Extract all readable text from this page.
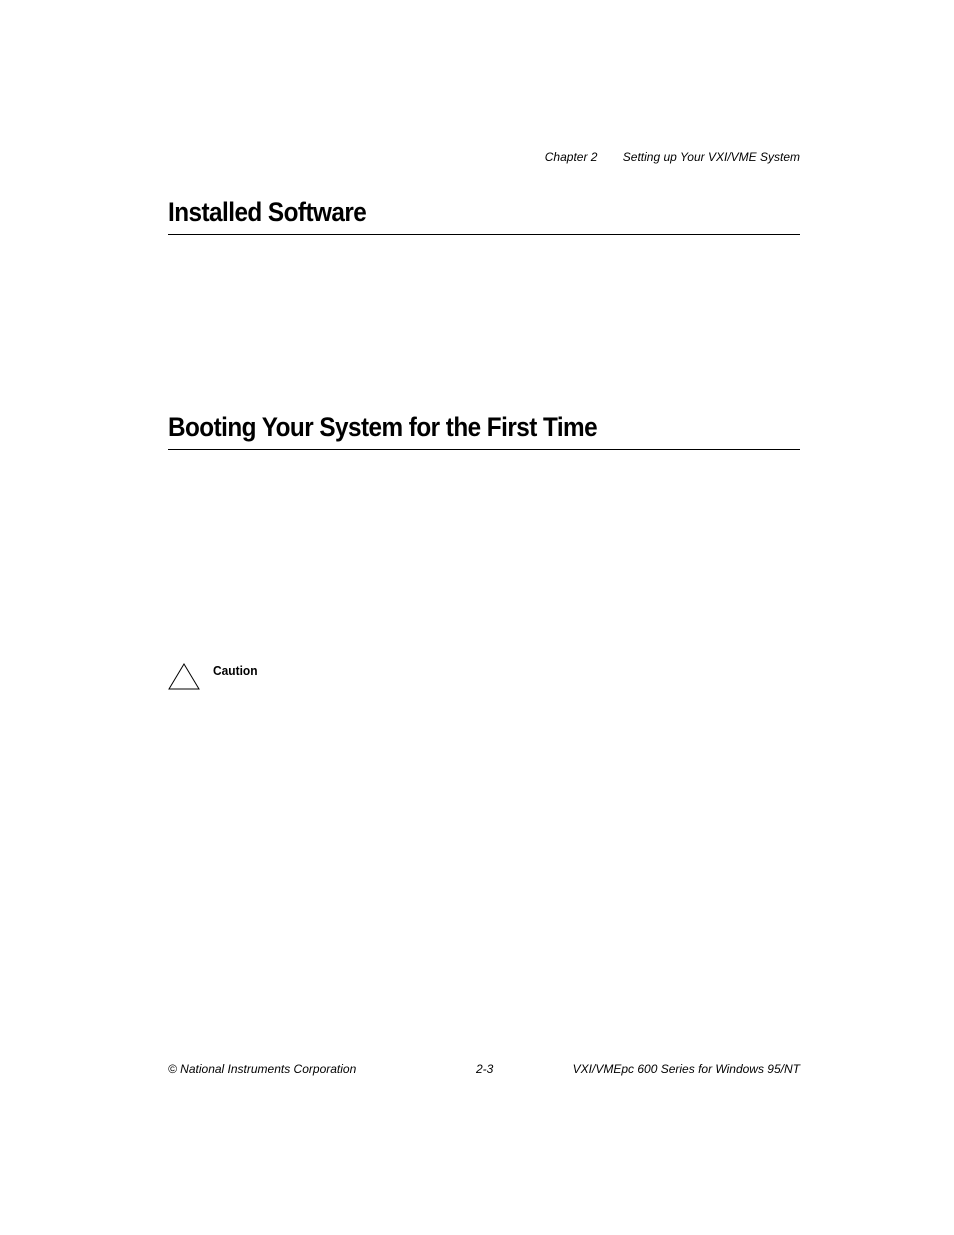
Chapter 2 Setting up Your VXI/VME System
Installed Software
Booting Your System for the First Time
Caution
© National Instruments Corporation	2-3	VXI/VMEpc 600 Series for Windows 95/NT
